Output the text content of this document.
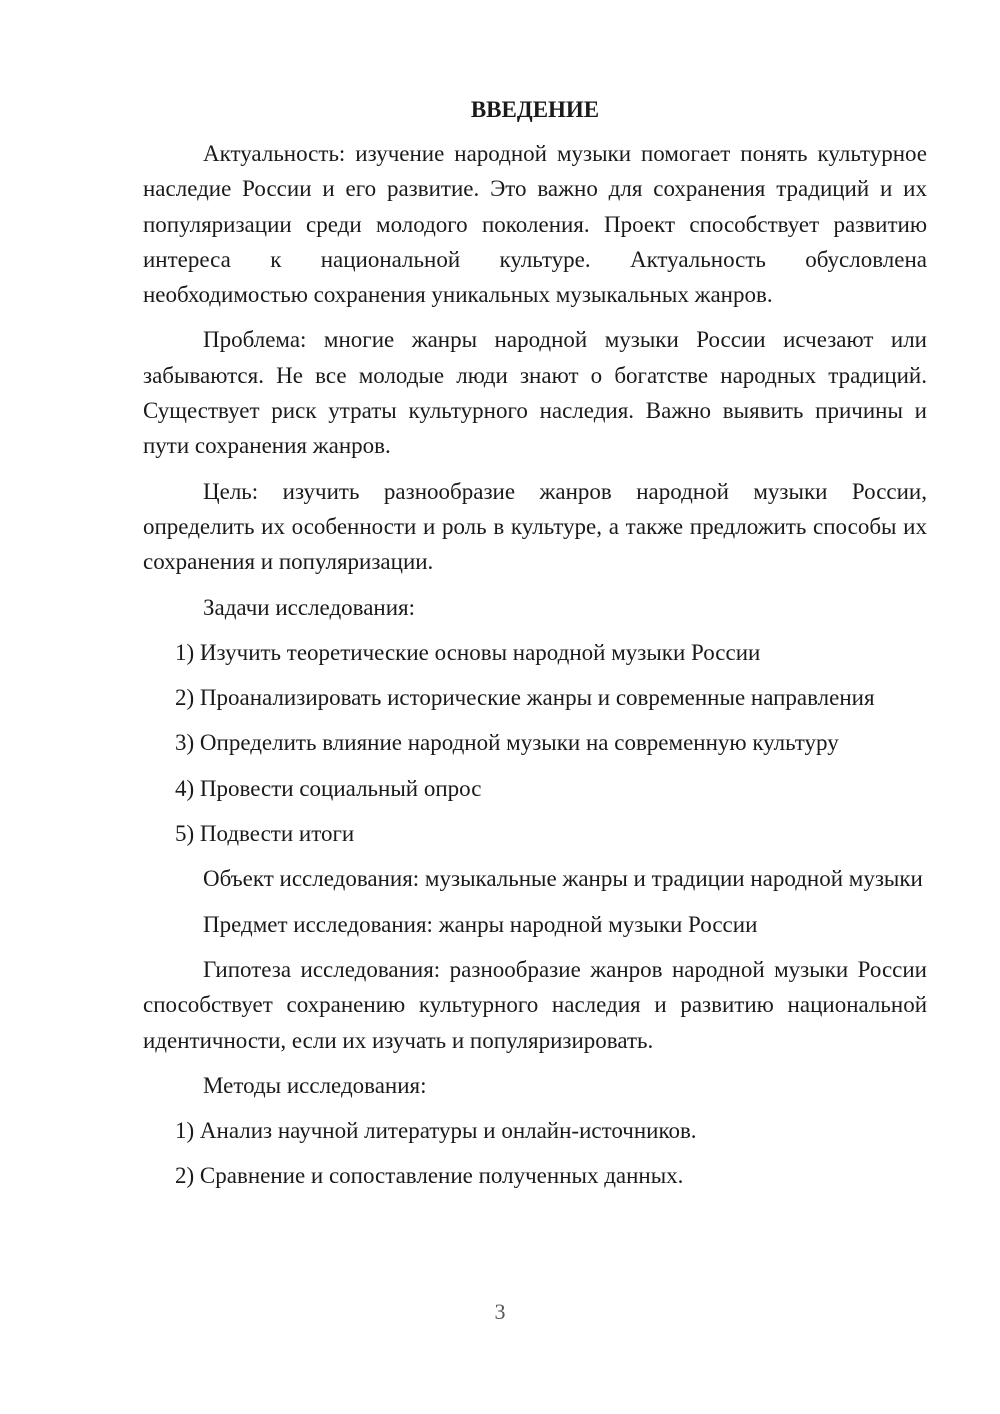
ВВЕДЕНИЕ

Актуальность: изучение народной музыки помогает понять культурное наследие России и его развитие. Это важно для сохранения традиций и их популяризации среди молодого поколения. Проект способствует развитию интереса к национальной культуре. Актуальность обусловлена необходимостью сохранения уникальных музыкальных жанров.

Проблема: многие жанры народной музыки России исчезают или забываются. Не все молодые люди знают о богатстве народных традиций. Существует риск утраты культурного наследия. Важно выявить причины и пути сохранения жанров.

Цель: изучить разнообразие жанров народной музыки России, определить их особенности и роль в культуре, а также предложить способы их сохранения и популяризации.

Задачи исследования:

1) Изучить теоретические основы народной музыки России

2) Проанализировать исторические жанры и современные направления

3) Определить влияние народной музыки на современную культуру

4) Провести социальный опрос

5) Подвести итоги

Объект исследования: музыкальные жанры и традиции народной музыки

Предмет исследования: жанры народной музыки России

Гипотеза исследования: разнообразие жанров народной музыки России способствует сохранению культурного наследия и развитию национальной идентичности, если их изучать и популяризировать.

Методы исследования:

1) Анализ научной литературы и онлайн-источников.

2) Сравнение и сопоставление полученных данных.

3
